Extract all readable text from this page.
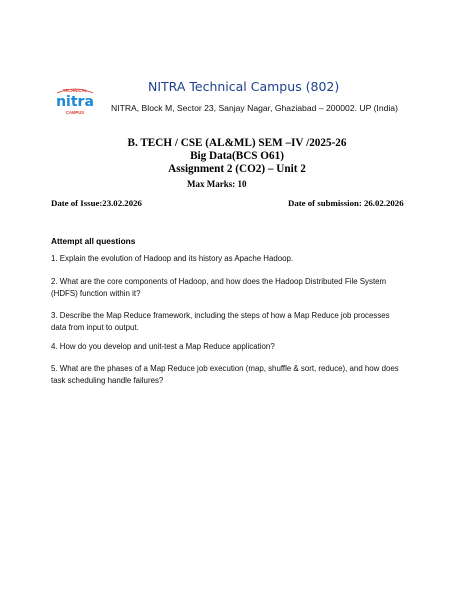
TECHNICAL
nitra
CAMPUS
NITRA Technical Campus (802)
NITRA, Block M, Sector 23, Sanjay Nagar, Ghaziabad – 200002. UP (India)
B. TECH / CSE (AL&ML) SEM –IV /2025-26
Big Data(BCS O61)
Assignment 2 (CO2) – Unit 2
Max Marks: 10
Date of Issue:23.02.2026	Date of submission: 26.02.2026
Attempt all questions
1. Explain the evolution of Hadoop and its history as Apache Hadoop.
2. What are the core components of Hadoop, and how does the Hadoop Distributed File System
(HDFS) function within it?
3. Describe the Map Reduce framework, including the steps of how a Map Reduce job processes
data from input to output.
4. How do you develop and unit-test a Map Reduce application?
5. What are the phases of a Map Reduce job execution (map, shuffle & sort, reduce), and how does
task scheduling handle failures?
